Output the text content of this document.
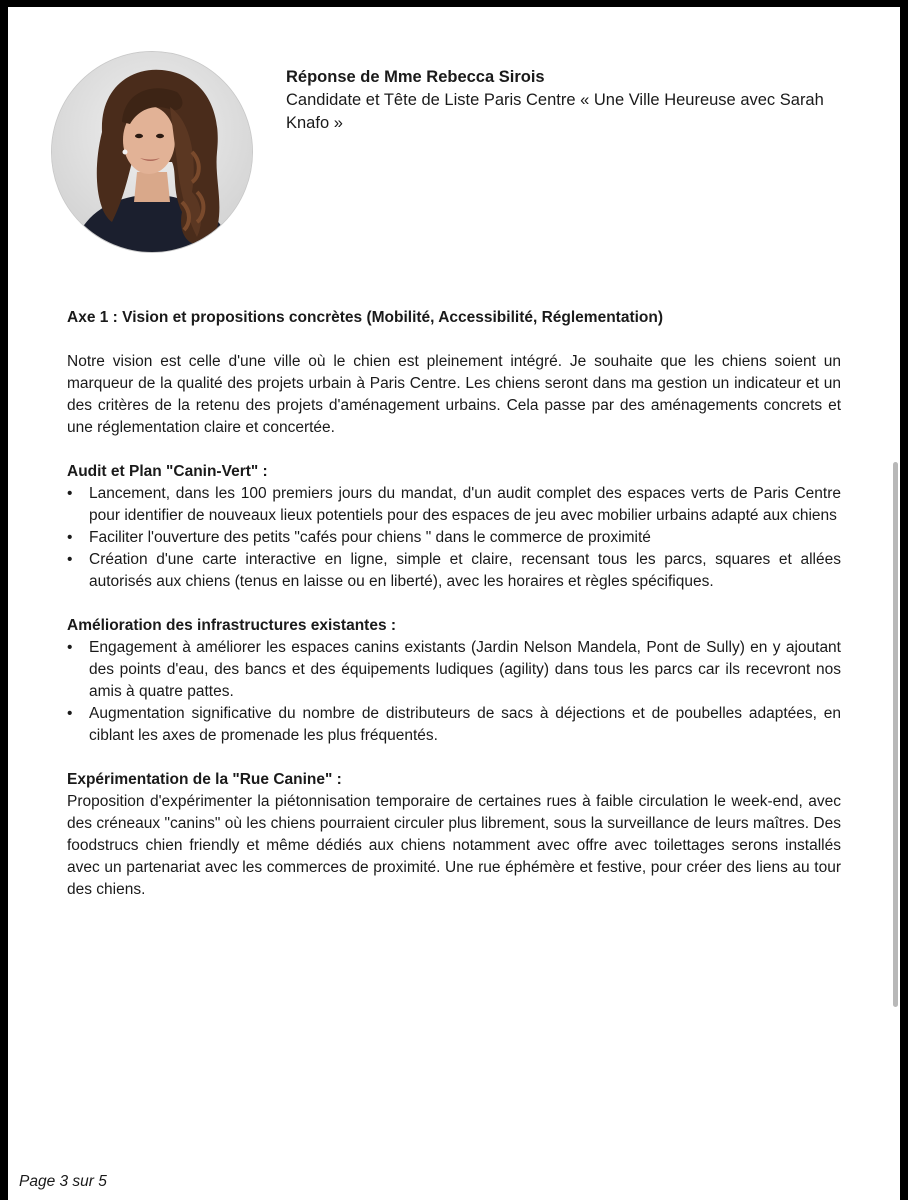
Réponse de Mme Rebecca Sirois
Candidate et Tête de Liste Paris Centre « Une Ville Heureuse avec Sarah Knafo »
Axe 1 : Vision et propositions concrètes (Mobilité, Accessibilité, Réglementation)

Notre vision est celle d'une ville où le chien est pleinement intégré. Je souhaite que les chiens soient un marqueur de la qualité des projets urbain à Paris Centre. Les chiens seront dans ma gestion un indicateur et un des critères de la retenu des projets d'aménagement urbains. Cela passe par des aménagements concrets et une réglementation claire et concertée.

Audit et Plan "Canin-Vert" :
• Lancement, dans les 100 premiers jours du mandat, d'un audit complet des espaces verts de Paris Centre pour identifier de nouveaux lieux potentiels pour des espaces de jeu avec mobilier urbains adapté aux chiens
• Faciliter l'ouverture des petits "cafés pour chiens " dans le commerce de proximité
• Création d'une carte interactive en ligne, simple et claire, recensant tous les parcs, squares et allées autorisés aux chiens (tenus en laisse ou en liberté), avec les horaires et règles spécifiques.
Amélioration des infrastructures existantes :
• Engagement à améliorer les espaces canins existants (Jardin Nelson Mandela, Pont de Sully) en y ajoutant des points d'eau, des bancs et des équipements ludiques (agility) dans tous les parcs car ils recevront nos amis à quatre pattes.
• Augmentation significative du nombre de distributeurs de sacs à déjections et de poubelles adaptées, en ciblant les axes de promenade les plus fréquentés.
Expérimentation de la "Rue Canine" :

Proposition d'expérimenter la piétonnisation temporaire de certaines rues à faible circulation le week-end, avec des créneaux "canins" où les chiens pourraient circuler plus librement, sous la surveillance de leurs maîtres. Des foodstrucs chien friendly et même dédiés aux chiens notamment avec offre avec toilettages serons installés avec un partenariat avec les commerces de proximité. Une rue éphémère et festive, pour créer des liens au tour des chiens.

Page 3 sur 5
